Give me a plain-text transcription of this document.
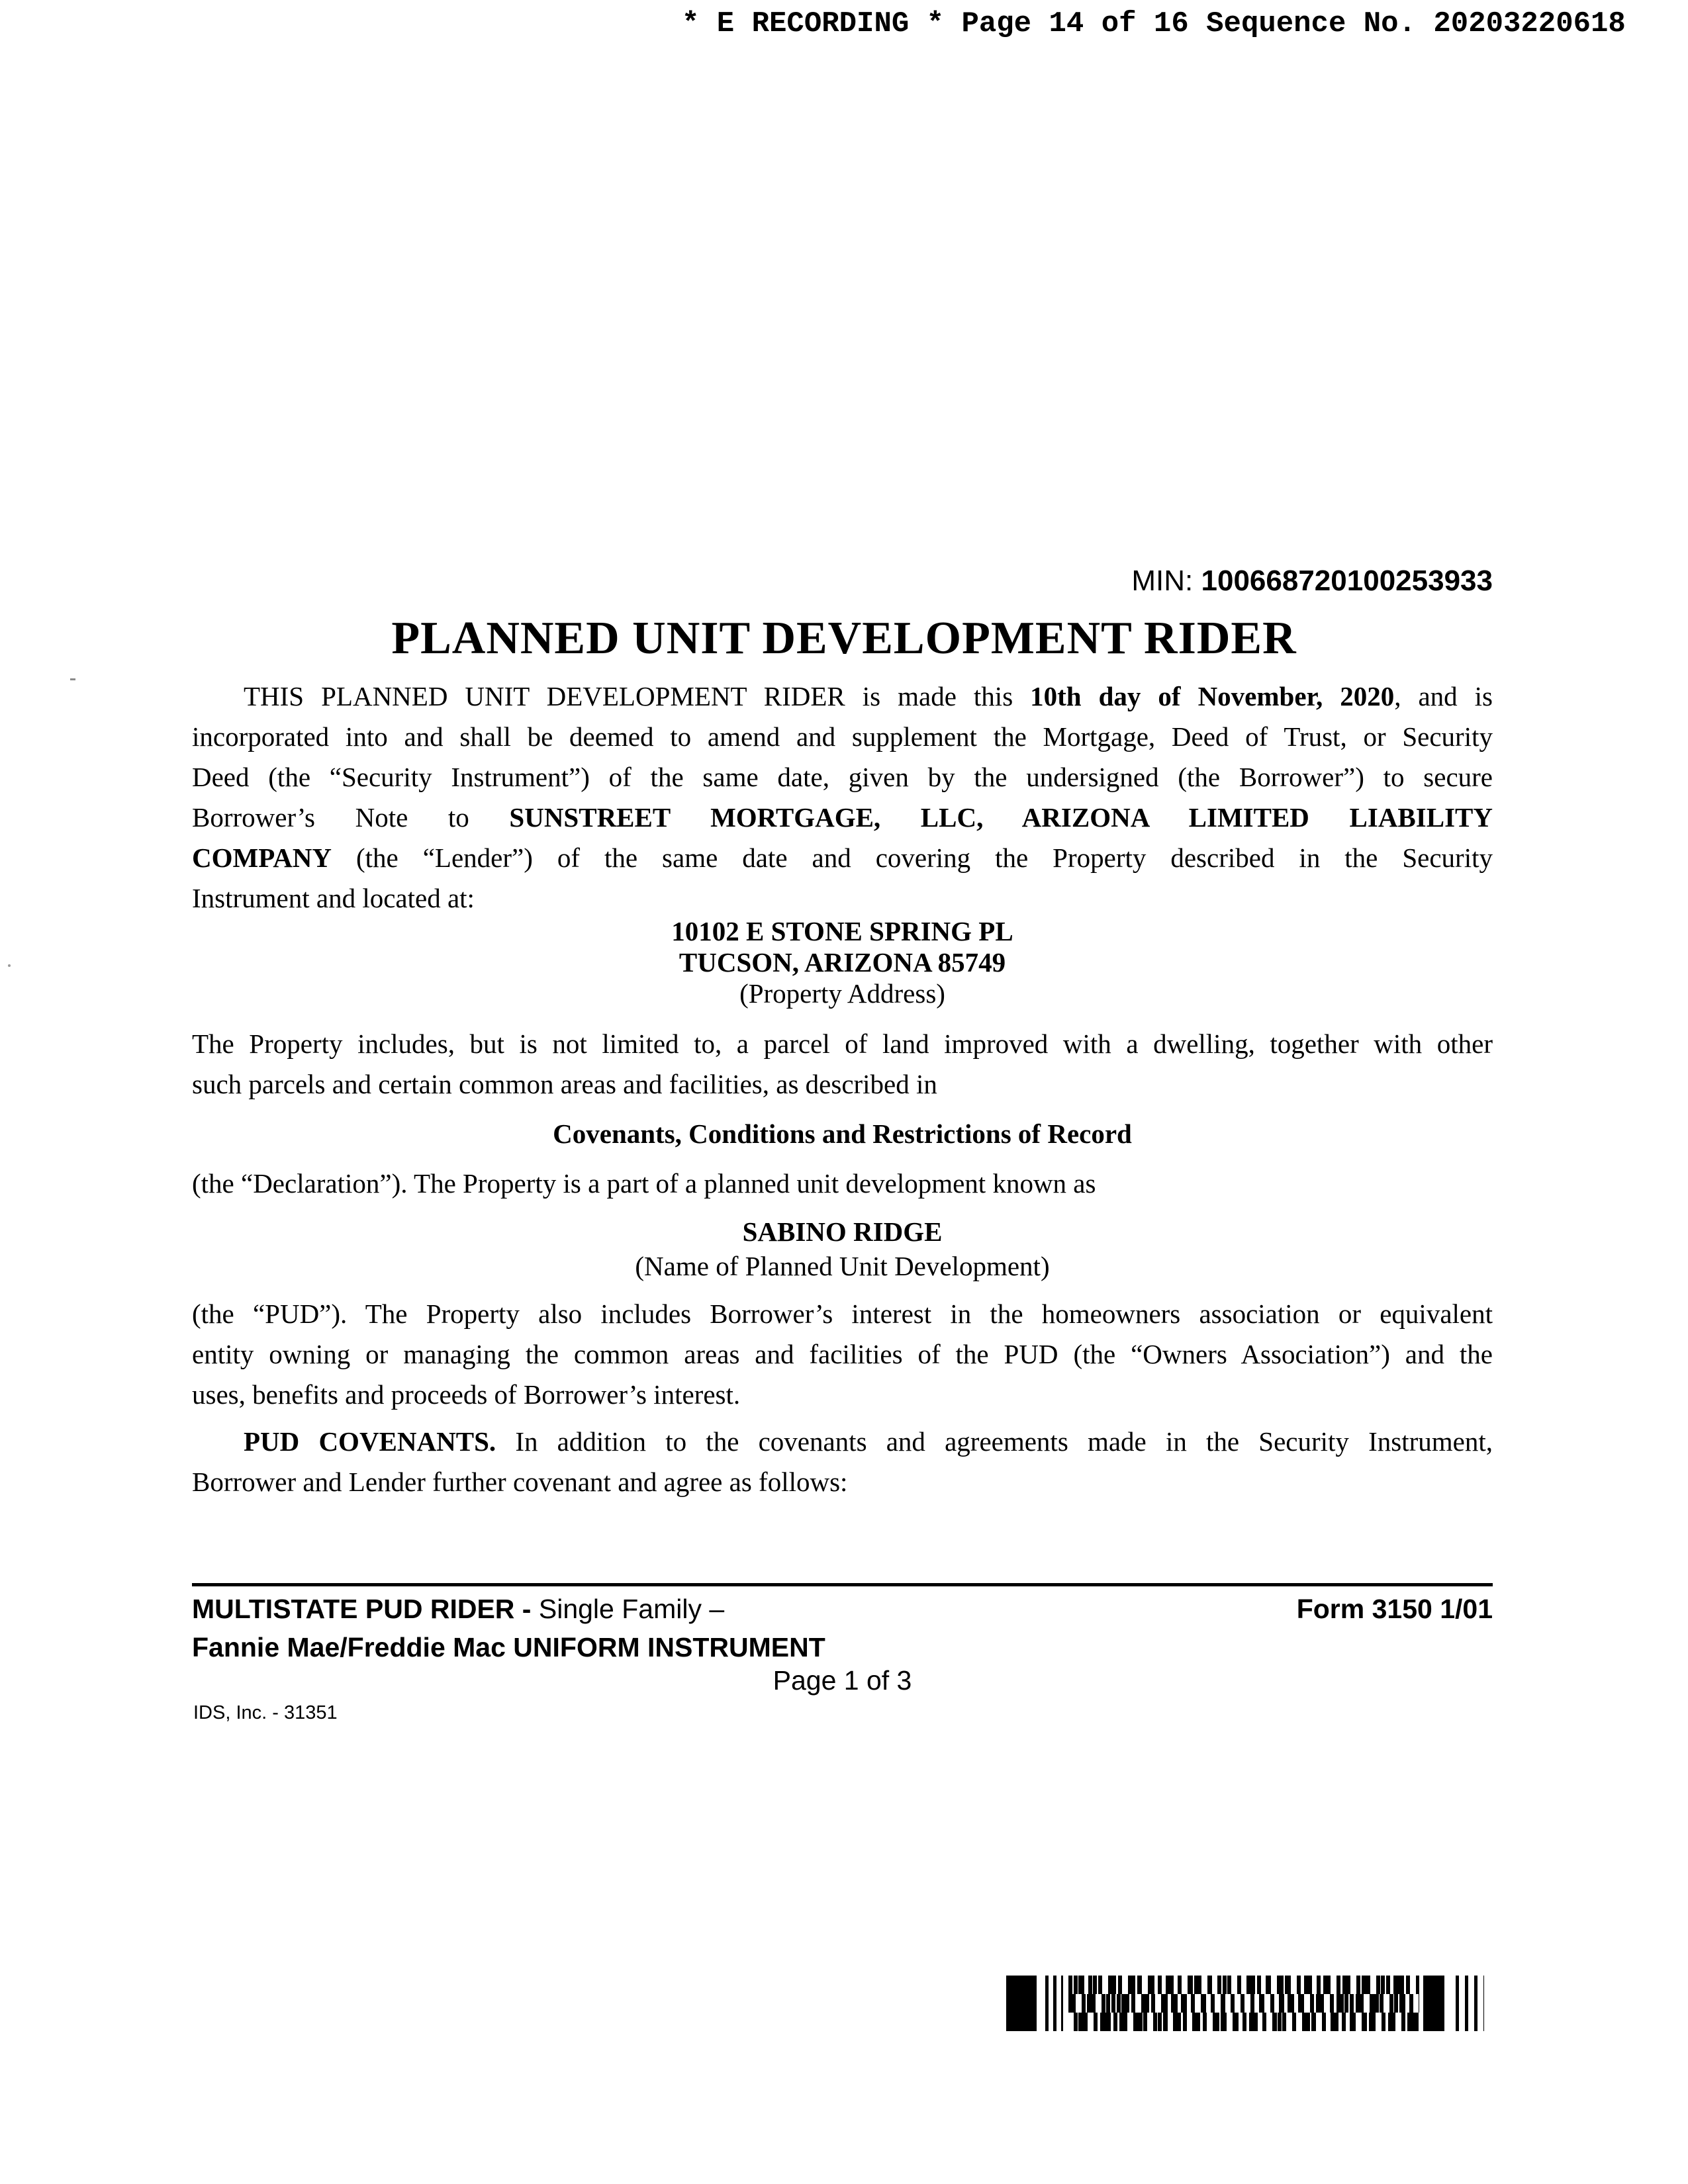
* E RECORDING * Page 14 of 16 Sequence No. 20203220618
MIN: 100668720100253933
PLANNED UNIT DEVELOPMENT RIDER
THIS PLANNED UNIT DEVELOPMENT RIDER is made this 10th day of November, 2020, and is
incorporated into and shall be deemed to amend and supplement the Mortgage, Deed of Trust, or Security
Deed (the “Security Instrument”) of the same date, given by the undersigned (the Borrower”) to secure
Borrower’s Note to SUNSTREET MORTGAGE, LLC, ARIZONA LIMITED LIABILITY
COMPANY (the “Lender”) of the same date and covering the Property described in the Security
Instrument and located at:
10102 E STONE SPRING PL
TUCSON, ARIZONA 85749
(Property Address)
The Property includes, but is not limited to, a parcel of land improved with a dwelling, together with other
such parcels and certain common areas and facilities, as described in
Covenants, Conditions and Restrictions of Record
(the “Declaration”). The Property is a part of a planned unit development known as
SABINO RIDGE
(Name of Planned Unit Development)
(the “PUD”). The Property also includes Borrower’s interest in the homeowners association or equivalent
entity owning or managing the common areas and facilities of the PUD (the “Owners Association”) and the
uses, benefits and proceeds of Borrower’s interest.
PUD COVENANTS. In addition to the covenants and agreements made in the Security Instrument,
Borrower and Lender further covenant and agree as follows:
MULTISTATE PUD RIDER - Single Family –
Fannie Mae/Freddie Mac UNIFORM INSTRUMENT
Form 3150 1/01
Page 1 of 3
IDS, Inc. - 31351
